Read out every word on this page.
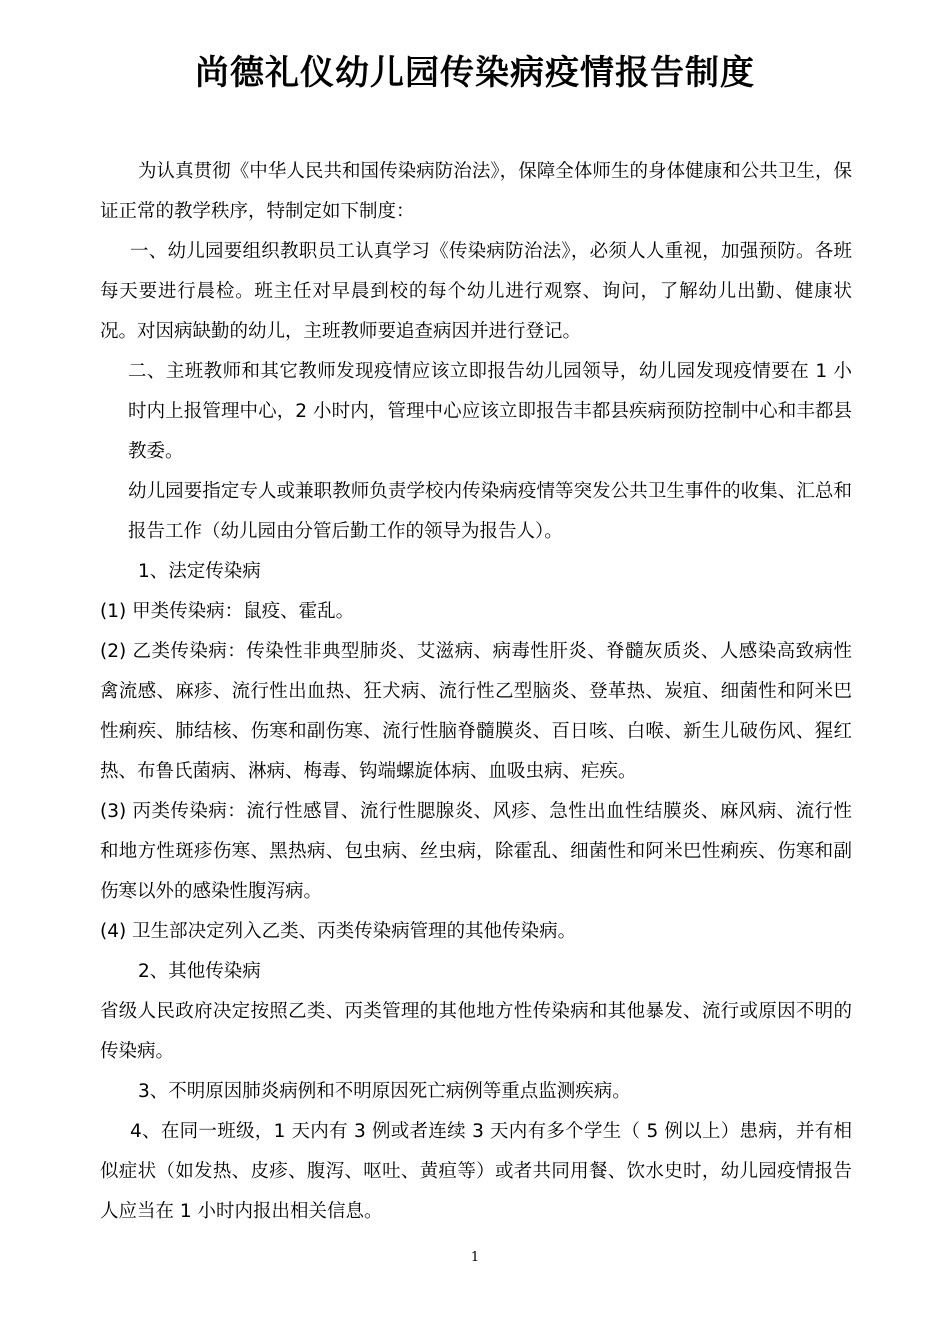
尚德礼仪幼儿园传染病疫情报告制度
为认真贯彻《中华人民共和国传染病防治法》，保障全体师生的身体健康和公共卫生，保证正常的教学秩序，特制定如下制度：
一、幼儿园要组织教职员工认真学习《传染病防治法》，必须人人重视，加强预防。各班每天要进行晨检。班主任对早晨到校的每个幼儿进行观察、询问，了解幼儿出勤、健康状况。对因病缺勤的幼儿，主班教师要追查病因并进行登记。
二、主班教师和其它教师发现疫情应该立即报告幼儿园领导，幼儿园发现疫情要在 1 小时内上报管理中心，2 小时内，管理中心应该立即报告丰都县疾病预防控制中心和丰都县教委。
幼儿园要指定专人或兼职教师负责学校内传染病疫情等突发公共卫生事件的收集、汇总和报告工作（幼儿园由分管后勤工作的领导为报告人）。
1、法定传染病
(1) 甲类传染病：鼠疫、霍乱。
(2) 乙类传染病：传染性非典型肺炎、艾滋病、病毒性肝炎、脊髓灰质炎、人感染高致病性禽流感、麻疹、流行性出血热、狂犬病、流行性乙型脑炎、登革热、炭疽、细菌性和阿米巴性痢疾、肺结核、伤寒和副伤寒、流行性脑脊髓膜炎、百日咳、白喉、新生儿破伤风、猩红热、布鲁氏菌病、淋病、梅毒、钩端螺旋体病、血吸虫病、疟疾。
(3) 丙类传染病：流行性感冒、流行性腮腺炎、风疹、急性出血性结膜炎、麻风病、流行性和地方性斑疹伤寒、黑热病、包虫病、丝虫病，除霍乱、细菌性和阿米巴性痢疾、伤寒和副伤寒以外的感染性腹泻病。
(4) 卫生部决定列入乙类、丙类传染病管理的其他传染病。
2、其他传染病
省级人民政府决定按照乙类、丙类管理的其他地方性传染病和其他暴发、流行或原因不明的传染病。
3、不明原因肺炎病例和不明原因死亡病例等重点监测疾病。
4、在同一班级，1 天内有 3 例或者连续 3 天内有多个学生（ 5 例以上）患病，并有相似症状（如发热、皮疹、腹泻、呕吐、黄疸等）或者共同用餐、饮水史时，幼儿园疫情报告人应当在 1 小时内报出相关信息。
1
